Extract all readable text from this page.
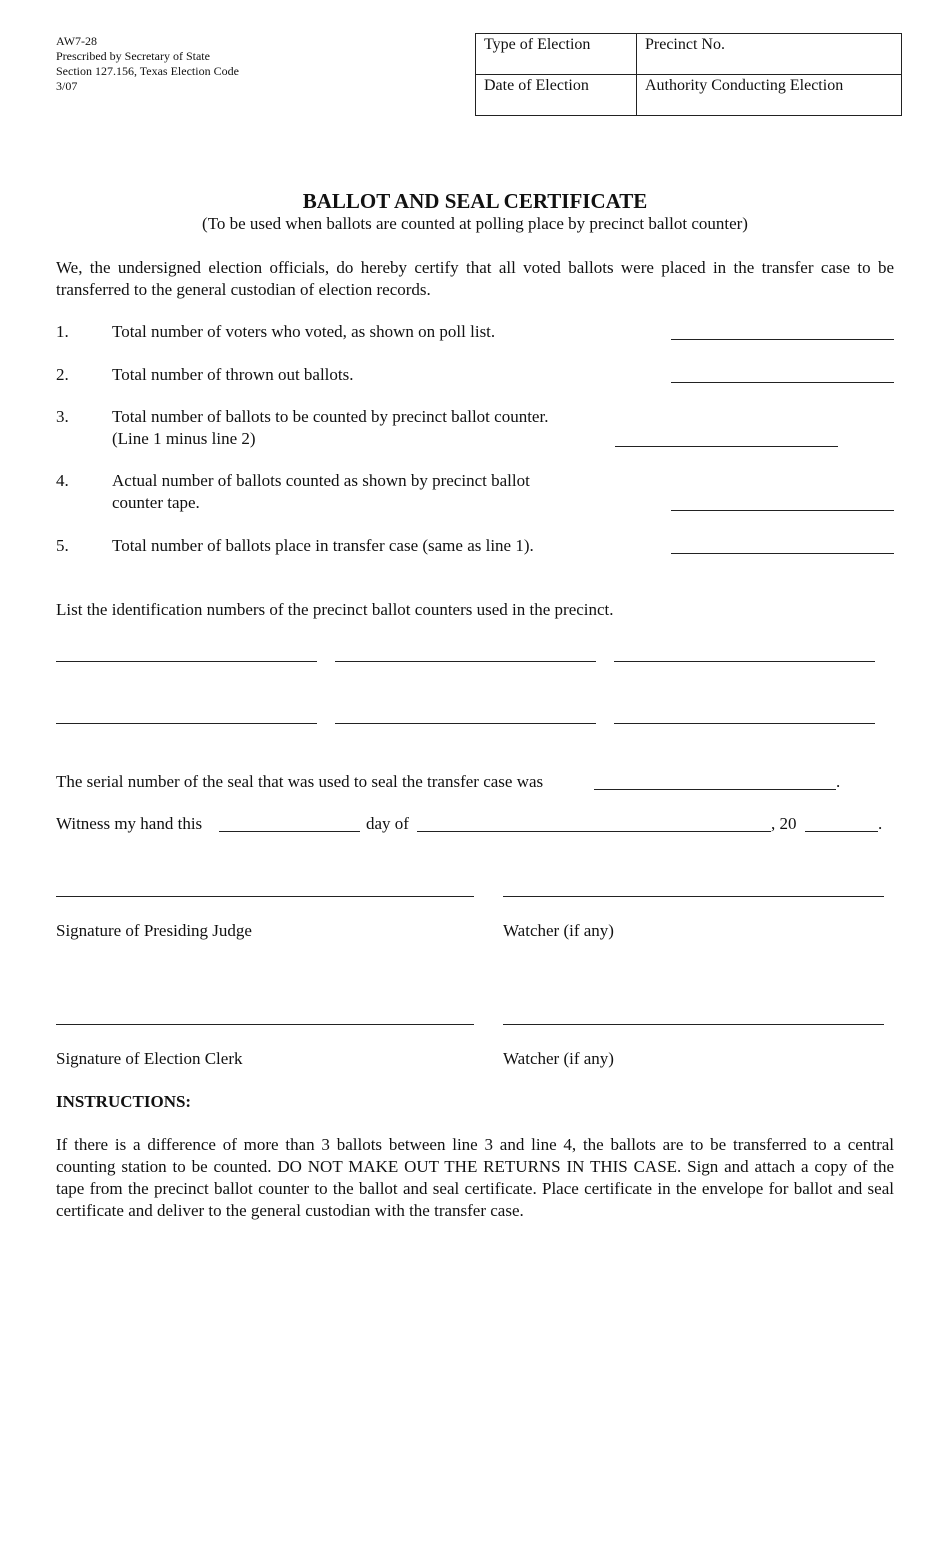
AW7-28
Prescribed by Secretary of State
Section 127.156, Texas Election Code
3/07
Type of Election	Precinct No.
Date of Election	Authority Conducting Election
BALLOT AND SEAL CERTIFICATE
(To be used when ballots are counted at polling place by precinct ballot counter)
We, the undersigned election officials, do hereby certify that all voted ballots were placed in the transfer case to be transferred to the general custodian of election records.
1.	Total number of voters who voted, as shown on poll list.
2.	Total number of thrown out ballots.
3.	Total number of ballots to be counted by precinct ballot counter.
(Line 1 minus line 2)
4.	Actual number of ballots counted as shown by precinct ballot
counter tape.
5.	Total number of ballots place in transfer case (same as line 1).
List the identification numbers of the precinct ballot counters used in the precinct.
The serial number of the seal that was used to seal the transfer case was	.
Witness my hand this	day of	, 20	.
Signature of Presiding Judge	Watcher (if any)
Signature of Election Clerk	Watcher (if any)
INSTRUCTIONS:
If there is a difference of more than 3 ballots between line 3 and line 4, the ballots are to be transferred to a central counting station to be counted. DO NOT MAKE OUT THE RETURNS IN THIS CASE. Sign and attach a copy of the tape from the precinct ballot counter to the ballot and seal certificate. Place certificate in the envelope for ballot and seal certificate and deliver to the general custodian with the transfer case.
